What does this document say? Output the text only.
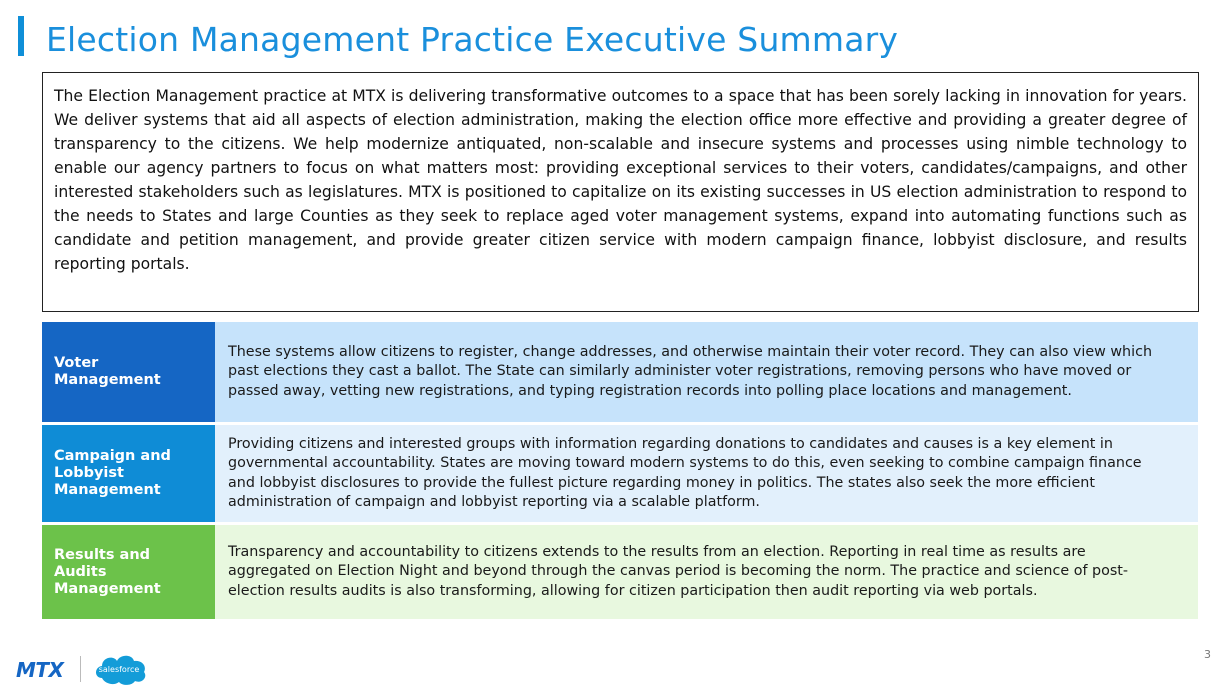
Election Management Practice Executive Summary
The Election Management practice at MTX is delivering transformative outcomes to a space that has been sorely lacking in innovation for years. We deliver systems that aid all aspects of election administration, making the election office more effective and providing a greater degree of transparency to the citizens. We help modernize antiquated, non-scalable and insecure systems and processes using nimble technology to enable our agency partners to focus on what matters most: providing exceptional services to their voters, candidates/campaigns, and other interested stakeholders such as legislatures. MTX is positioned to capitalize on its existing successes in US election administration to respond to the needs to States and large Counties as they seek to replace aged voter management systems, expand into automating functions such as candidate and petition management, and provide greater citizen service with modern campaign finance, lobbyist disclosure, and results reporting portals.
Voter Management
These systems allow citizens to register, change addresses, and otherwise maintain their voter record. They can also view which past elections they cast a ballot. The State can similarly administer voter registrations, removing persons who have moved or passed away, vetting new registrations, and typing registration records into polling place locations and management.
Campaign and Lobbyist Management
Providing citizens and interested groups with information regarding donations to candidates and causes is a key element in governmental accountability. States are moving toward modern systems to do this, even seeking to combine campaign finance and lobbyist disclosures to provide the fullest picture regarding money in politics. The states also seek the more efficient administration of campaign and lobbyist reporting via a scalable platform.
Results and Audits Management
Transparency and accountability to citizens extends to the results from an election. Reporting in real time as results are aggregated on Election Night and beyond through the canvas period is becoming the norm. The practice and science of post-election results audits is also transforming, allowing for citizen participation then audit reporting via web portals.
MTX	salesforce
3
